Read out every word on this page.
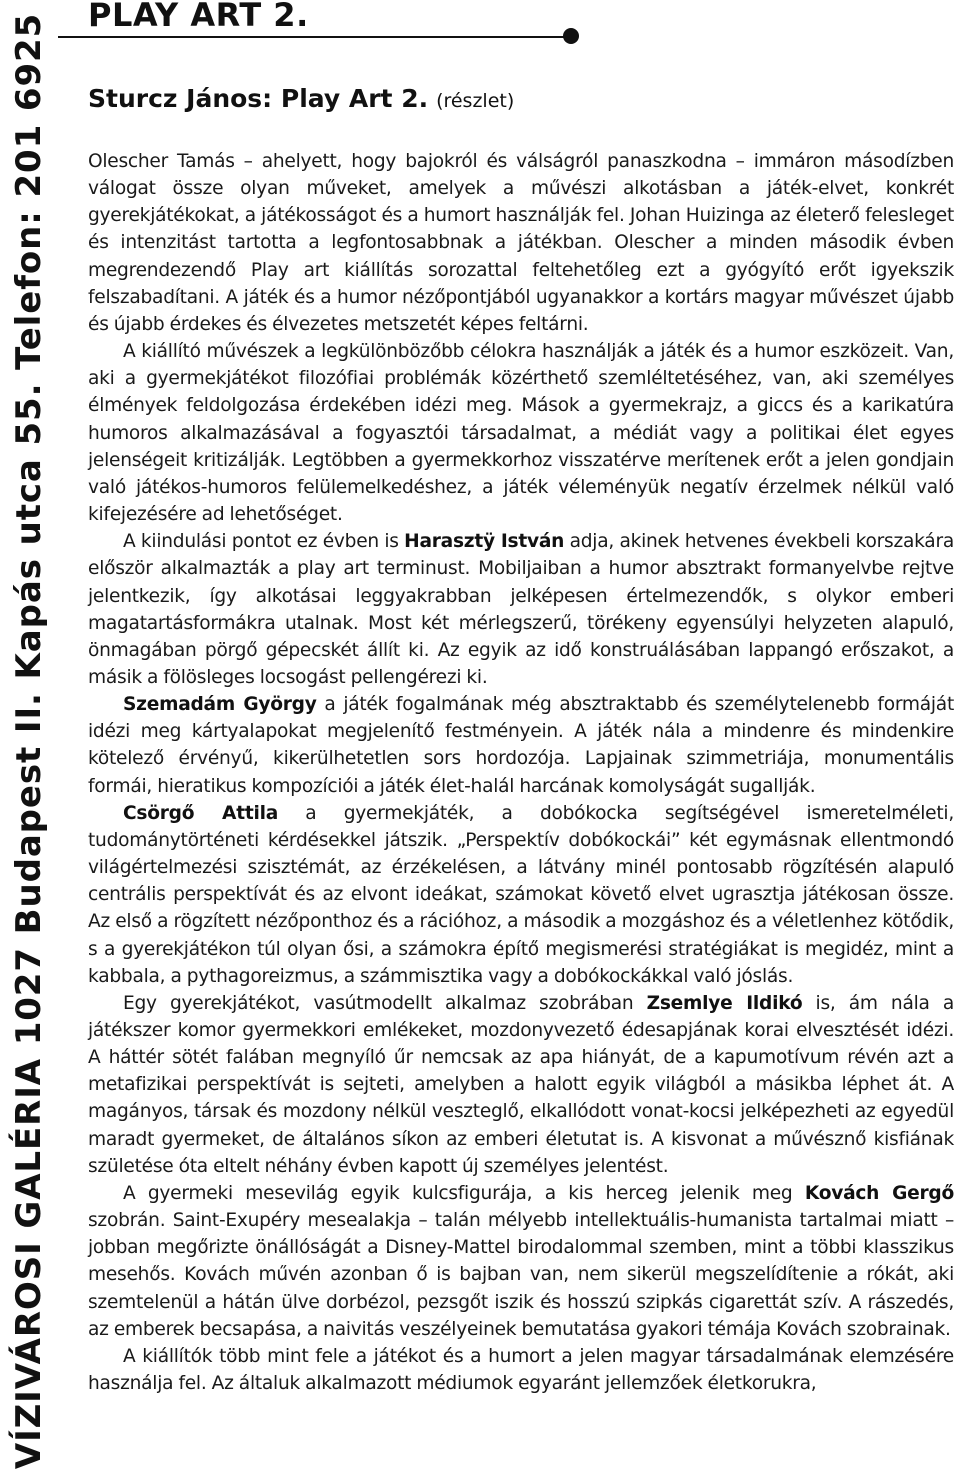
VÍZIVÁROSI GALÉRIA 1027 Budapest II. Kapás utca 55. Telefon: 201 6925 PLAY ART 2.
Sturcz János: Play Art 2. (részlet)

Olescher Tamás – ahelyett, hogy bajokról és válságról panaszkodna – immáron másodízben válogat össze olyan műveket, amelyek a művészi alkotásban a játék-elvet, konkrét gyerekjátékokat, a játékosságot és a humort használják fel. Johan Huizinga az életerő felesleget és intenzitást tartotta a legfontosabbnak a játékban. Olescher a minden második évben megrendezendő Play art kiállítás sorozattal feltehetőleg ezt a gyógyító erőt igyekszik felszabadítani. A játék és a humor nézőpontjából ugyanakkor a kortárs magyar művészet újabb és újabb érdekes és élvezetes metszetét képes feltárni.

A kiállító művészek a legkülönbözőbb célokra használják a játék és a humor eszközeit. Van, aki a gyermekjátékot filozófiai problémák közérthető szemléltetéséhez, van, aki személyes élmények feldolgozása érdekében idézi meg. Mások a gyermekrajz, a giccs és a karikatúra humoros alkalmazásával a fogyasztói társadalmat, a médiát vagy a politikai élet egyes jelenségeit kritizálják. Legtöbben a gyermekkorhoz visszatérve merítenek erőt a jelen gondjain való játékos-humoros felülemelkedéshez, a játék véleményük negatív érzelmek nélkül való kifejezésére ad lehetőséget.

A kiindulási pontot ez évben is Harasztÿ István adja, akinek hetvenes évekbeli korszakára először alkalmazták a play art terminust. Mobiljaiban a humor absztrakt formanyelvbe rejtve jelentkezik, így alkotásai leggyakrabban jelképesen értelmezendők, s olykor emberi magatartásformákra utalnak. Most két mérlegszerű, törékeny egyensúlyi helyzeten alapuló, önmagában pörgő gépecskét állít ki. Az egyik az idő konstruálásában lappangó erőszakot, a másik a fölösleges locsogást pellengérezi ki.

Szemadám György a játék fogalmának még absztraktabb és személytelenebb formáját idézi meg kártyalapokat megjelenítő festményein. A játék nála a mindenre és mindenkire kötelező érvényű, kikerülhetetlen sors hordozója. Lapjainak szimmetriája, monumentális formái, hieratikus kompozíciói a játék élet-halál harcának komolyságát sugallják.

Csörgő Attila a gyermekjáték, a dobókocka segítségével ismeretelméleti, tudománytörténeti kérdésekkel játszik. „Perspektív dobókockái” két egymásnak ellentmondó világértelmezési szisztémát, az érzékelésen, a látvány minél pontosabb rögzítésén alapuló centrális perspektívát és az elvont ideákat, számokat követő elvet ugrasztja játékosan össze. Az első a rögzített nézőponthoz és a rációhoz, a második a mozgáshoz és a véletlenhez kötődik, s a gyerekjátékon túl olyan ősi, a számokra építő megismerési stratégiákat is megidéz, mint a kabbala, a pythagoreizmus, a számmisztika vagy a dobókockákkal való jóslás.

Egy gyerekjátékot, vasútmodellt alkalmaz szobrában Zsemlye Ildikó is, ám nála a játékszer komor gyermekkori emlékeket, mozdonyvezető édesapjának korai elvesztését idézi. A háttér sötét falában megnyíló űr nemcsak az apa hiányát, de a kapumotívum révén azt a metafizikai perspektívát is sejteti, amelyben a halott egyik világból a másikba léphet át. A magányos, társak és mozdony nélkül veszteglő, elkallódott vonat-kocsi jelképezheti az egyedül maradt gyermeket, de általános síkon az emberi életutat is. A kisvonat a művésznő kisfiának születése óta eltelt néhány évben kapott új személyes jelentést.

A gyermeki mesevilág egyik kulcsfigurája, a kis herceg jelenik meg Kovách Gergő szobrán. Saint-Exupéry mesealakja – talán mélyebb intellektuális-humanista tartalmai miatt – jobban megőrizte önállóságát a Disney-Mattel birodalommal szemben, mint a többi klasszikus mesehős. Kovách művén azonban ő is bajban van, nem sikerül megszelídítenie a rókát, aki szemtelenül a hátán ülve dorbézol, pezsgőt iszik és hosszú szipkás cigarettát szív. A rászedés, az emberek becsapása, a naivitás veszélyeinek bemutatása gyakori témája Kovách szobrainak.

A kiállítók több mint fele a játékot és a humort a jelen magyar társadalmának elemzésére használja fel. Az általuk alkalmazott médiumok egyaránt jellemzőek életkorukra,
